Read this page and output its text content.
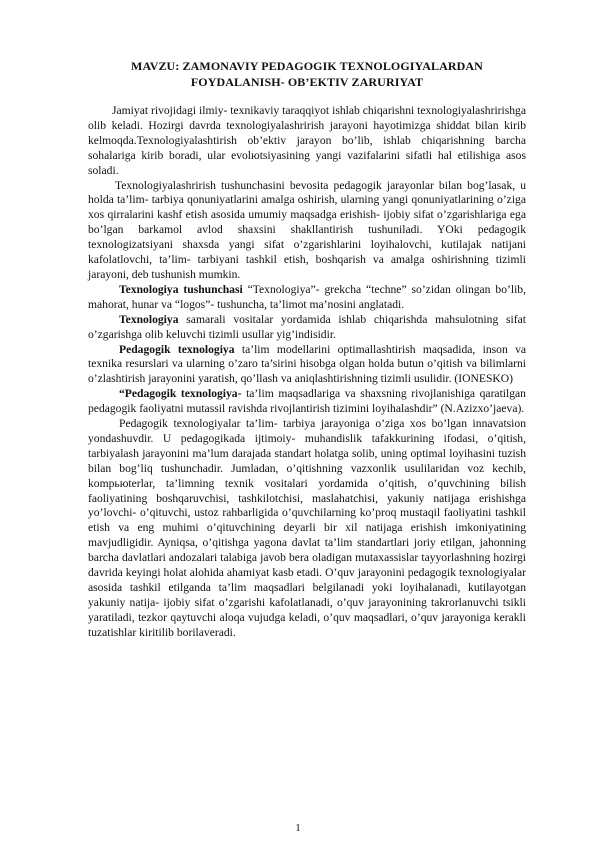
MAVZU: ZAMONAVIY PEDAGOGIK TEXNOLOGIYALARDAN
FOYDALANISH- OB’EKTIV ZARURIYAT

Jamiyat rivojidagi ilmiy- texnikaviy taraqqiyot ishlab chiqarishni texnologiyalashririshga olib keladi. Hozirgi davrda texnologiyalashrirish jarayoni hayotimizga shiddat bilan kirib kelmoqda.Texnologiyalashtirish ob’ektiv jarayon bo’lib, ishlab chiqarishning barcha sohalariga kirib boradi, ular evolюtsiyasining yangi vazifalarini sifatli hal etilishiga asos soladi.

Texnologiyalashrirish tushunchasini bevosita pedagogik jarayonlar bilan bog’lasak, u holda ta’lim- tarbiya qonuniyatlarini amalga oshirish, ularning yangi qonuniyatlarining o’ziga xos qirralarini kashf etish asosida umumiy maqsadga erishish- ijobiy sifat o’zgarishlariga ega bo’lgan barkamol avlod shaxsini shakllantirish tushuniladi. YOki pedagogik texnologizatsiyani shaxsda yangi sifat o’zgarishlarini loyihalovchi, kutilajak natijani kafolatlovchi, ta’lim- tarbiyani tashkil etish, boshqarish va amalga oshirishning tizimli jarayoni, deb tushunish mumkin.

Texnologiya tushunchasi “Texnologiya”- grekcha “techne” so’zidan olingan bo’lib, mahorat, hunar va “logos”- tushuncha, ta’limot ma’nosini anglatadi.

Texnologiya samarali vositalar yordamida ishlab chiqarishda mahsulotning sifat o’zgarishga olib keluvchi tizimli usullar yig’indisidir.

Pedagogik texnologiya ta’lim modellarini optimallashtirish maqsadida, inson va texnika resurslari va ularning o’zaro ta’sirini hisobga olgan holda butun o’qitish va bilimlarni o’zlashtirish jarayonini yaratish, qo’llash va aniqlashtirishning tizimli usulidir. (IONESKO)

“Pedagogik texnologiya- ta’lim maqsadlariga va shaxsning rivojlanishiga qaratilgan pedagogik faoliyatni mutassil ravishda rivojlantirish tizimini loyihalashdir” (N.Azizxo’jaeva).

Pedagogik texnologiyalar ta’lim- tarbiya jarayoniga o’ziga xos bo’lgan innavatsion yondashuvdir. U pedagogikada ijtimoiy- muhandislik tafakkurining ifodasi, o’qitish, tarbiyalash jarayonini ma’lum darajada standart holatga solib, uning optimal loyihasini tuzish bilan bog’liq tushunchadir. Jumladan, o’qitishning vazxonlik usulilaridan voz kechib, kompьюterlar, ta’limning texnik vositalari yordamida o’qitish, o’quvchining bilish faoliyatining boshqaruvchisi, tashkilotchisi, maslahatchisi, yakuniy natijaga erishishga yo’lovchi- o’qituvchi, ustoz rahbarligida o’quvchilarning ko’proq mustaqil faoliyatini tashkil etish va eng muhimi o’qituvchining deyarli bir xil natijaga erishish imkoniyatining mavjudligidir. Ayniqsa, o’qitishga yagona davlat ta’lim standartlari joriy etilgan, jahonning barcha davlatlari andozalari talabiga javob bera oladigan mutaxassislar tayyorlashning hozirgi davrida keyingi holat alohida ahamiyat kasb etadi. O’quv jarayonini pedagogik texnologiyalar asosida tashkil etilganda ta’lim maqsadlari belgilanadi yoki loyihalanadi, kutilayotgan yakuniy natija- ijobiy sifat o’zgarishi kafolatlanadi, o’quv jarayonining takrorlanuvchi tsikli yaratiladi, tezkor qaytuvchi aloqa vujudga keladi, o’quv maqsadlari, o’quv jarayoniga kerakli tuzatishlar kiritilib borilaveradi.

1
